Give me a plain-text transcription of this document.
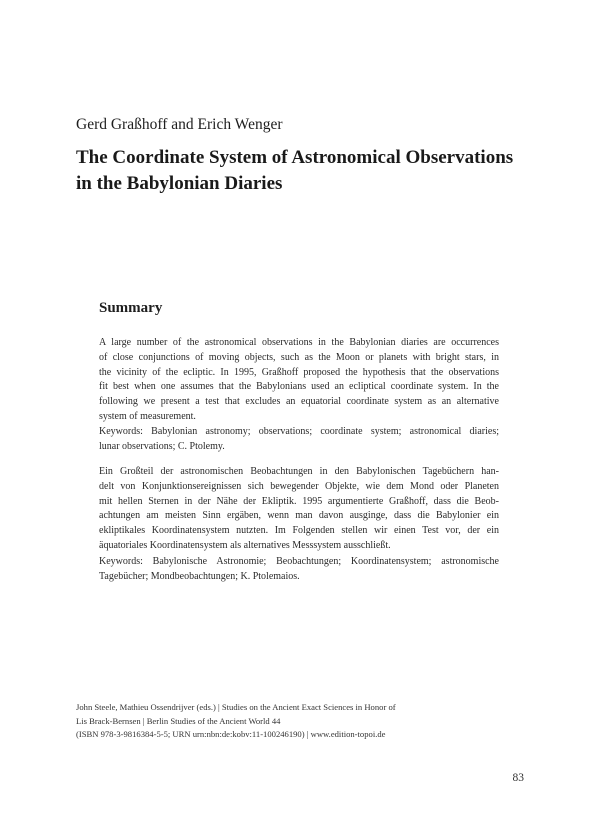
Gerd Graßhoff and Erich Wenger
The Coordinate System of Astronomical Observations
in the Babylonian Diaries
Summary
A large number of the astronomical observations in the Babylonian diaries are occurrences
of close conjunctions of moving objects, such as the Moon or planets with bright stars, in
the vicinity of the ecliptic. In 1995, Graßhoff proposed the hypothesis that the observations
fit best when one assumes that the Babylonians used an ecliptical coordinate system. In the
following we present a test that excludes an equatorial coordinate system as an alternative
system of measurement.
Keywords: Babylonian astronomy; observations; coordinate system; astronomical diaries;
lunar observations; C. Ptolemy.
Ein Großteil der astronomischen Beobachtungen in den Babylonischen Tagebüchern han-
delt von Konjunktionsereignissen sich bewegender Objekte, wie dem Mond oder Planeten
mit hellen Sternen in der Nähe der Ekliptik. 1995 argumentierte Graßhoff, dass die Beob-
achtungen am meisten Sinn ergäben, wenn man davon ausginge, dass die Babylonier ein
ekliptikales Koordinatensystem nutzten. Im Folgenden stellen wir einen Test vor, der ein
äquatoriales Koordinatensystem als alternatives Messsystem ausschließt.
Keywords: Babylonische Astronomie; Beobachtungen; Koordinatensystem; astronomische
Tagebücher; Mondbeobachtungen; K. Ptolemaios.
John Steele, Mathieu Ossendrijver (eds.) | Studies on the Ancient Exact Sciences in Honor of
Lis Brack-Bernsen | Berlin Studies of the Ancient World 44
(ISBN 978-3-9816384-5-5; URN urn:nbn:de:kobv:11-100246190) | www.edition-topoi.de
83
